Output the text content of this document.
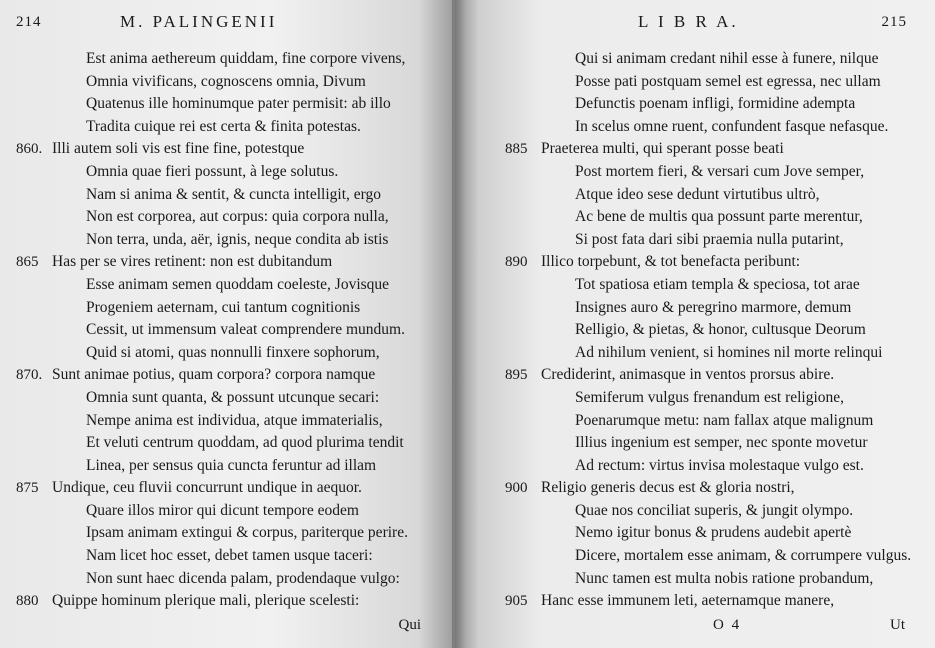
214	M. PALINGENII
Est anima aethereum quiddam, fine corpore vivens,
Omnia vivificans, cognoscens omnia, Divum
Quatenus ille hominumque pater permisit: ab illo
Tradita cuique rei est certa & finita potestas.
860. Illi autem soli vis est fine fine, potestque
Omnia quae fieri possunt, à lege solutus.
Nam si anima & sentit, & cuncta intelligit, ergo
Non est corporea, aut corpus: quia corpora nulla,
Non terra, unda, aër, ignis, neque condita ab istis
865 Has per se vires retinent: non est dubitandum
Esse animam semen quoddam coeleste, Jovisque
Progeniem aeternam, cui tantum cognitionis
Cessit, ut immensum valeat comprendere mundum.
Quid si atomi, quas nonnulli finxere sophorum,
870. Sunt animae potius, quam corpora? corpora namque
Omnia sunt quanta, & possunt utcunque secari:
Nempe anima est individua, atque immaterialis,
Et veluti centrum quoddam, ad quod plurima tendit
Linea, per sensus quia cuncta feruntur ad illam
875 Undique, ceu fluvii concurrunt undique in aequor.
Quare illos miror qui dicunt tempore eodem
Ipsam animam extingui & corpus, pariterque perire.
Nam licet hoc esset, debet tamen usque taceri:
Non sunt haec dicenda palam, prodendaque vulgo:
880 Quippe hominum plerique mali, plerique scelesti:
Qui
L I B R A.	215
Qui si animam credant nihil esse à funere, nilque
Posse pati postquam semel est egressa, nec ullam
Defunctis poenam infligi, formidine adempta
In scelus omne ruent, confundent fasque nefasque.
885 Praeterea multi, qui sperant posse beati
Post mortem fieri, & versari cum Jove semper,
Atque ideo sese dedunt virtutibus ultrò,
Ac bene de multis qua possunt parte merentur,
Si post fata dari sibi praemia nulla putarint,
890 Illico torpebunt, & tot benefacta peribunt:
Tot spatiosa etiam templa & speciosa, tot arae
Insignes auro & peregrino marmore, demum
Relligio, & pietas, & honor, cultusque Deorum
Ad nihilum venient, si homines nil morte relinqui
895 Crediderint, animasque in ventos prorsus abire.
Semiferum vulgus frenandum est religione,
Poenarumque metu: nam fallax atque malignum
Illius ingenium est semper, nec sponte movetur
Ad rectum: virtus invisa molestaque vulgo est.
900 Religio generis decus est & gloria nostri,
Quae nos conciliat superis, & jungit olympo.
Nemo igitur bonus & prudens audebit apertè
Dicere, mortalem esse animam, & corrumpere vulgus.
Nunc tamen est multa nobis ratione probandum,
905 Hanc esse immunem leti, aeternamque manere,
O 4	Ut
